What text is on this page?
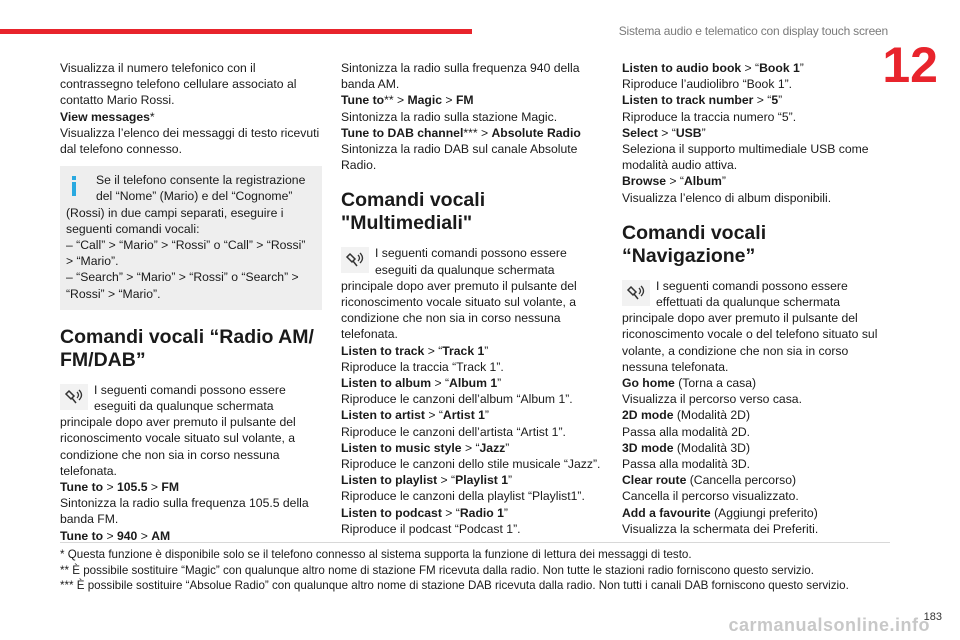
Sistema audio e telematico con display touch screen
12
Visualizza il numero telefonico con il contrassegno telefono cellulare associato al contatto Mario Rossi.
View messages*
Visualizza l’elenco dei messaggi di testo ricevuti dal telefono connesso.
Se il telefono consente la registrazione del “Nome” (Mario) e del “Cognome” (Rossi) in due campi separati, eseguire i seguenti comandi vocali:
– “Call” > “Mario” > “Rossi” o “Call” > “Rossi” > “Mario”.
– “Search” > “Mario” > “Rossi” o “Search” > “Rossi” > “Mario”.
Comandi vocali “Radio AM/ FM/DAB”
I seguenti comandi possono essere eseguiti da qualunque schermata principale dopo aver premuto il pulsante del riconoscimento vocale situato sul volante, a condizione che non sia in corso nessuna telefonata.
Tune to > 105.5 > FM
Sintonizza la radio sulla frequenza 105.5 della banda FM.
Tune to > 940 > AM
Sintonizza la radio sulla frequenza 940 della banda AM.
Tune to** > Magic > FM
Sintonizza la radio sulla stazione Magic.
Tune to DAB channel*** > Absolute Radio
Sintonizza la radio DAB sul canale Absolute Radio.
Comandi vocali "Multimediali"
I seguenti comandi possono essere eseguiti da qualunque schermata principale dopo aver premuto il pulsante del riconoscimento vocale situato sul volante, a condizione che non sia in corso nessuna telefonata.
Listen to track > “Track 1”
Riproduce la traccia “Track 1”.
Listen to album > “Album 1”
Riproduce le canzoni dell’album “Album 1”.
Listen to artist > “Artist 1”
Riproduce le canzoni dell’artista “Artist 1”.
Listen to music style > “Jazz”
Riproduce le canzoni dello stile musicale “Jazz”.
Listen to playlist > “Playlist 1”
Riproduce le canzoni della playlist “Playlist1”.
Listen to podcast > “Radio 1”
Riproduce il podcast “Podcast 1”.
Listen to audio book > “Book 1”
Riproduce l’audiolibro “Book 1”.
Listen to track number > “5”
Riproduce la traccia numero “5”.
Select > “USB”
Seleziona il supporto multimediale USB come modalità audio attiva.
Browse > “Album”
Visualizza l’elenco di album disponibili.
Comandi vocali “Navigazione”
I seguenti comandi possono essere effettuati da qualunque schermata principale dopo aver premuto il pulsante del riconoscimento vocale o del telefono situato sul volante, a condizione che non sia in corso nessuna telefonata.
Go home (Torna a casa)
Visualizza il percorso verso casa.
2D mode (Modalità 2D)
Passa alla modalità 2D.
3D mode (Modalità 3D)
Passa alla modalità 3D.
Clear route (Cancella percorso)
Cancella il percorso visualizzato.
Add a favourite (Aggiungi preferito)
Visualizza la schermata dei Preferiti.
* Questa funzione è disponibile solo se il telefono connesso al sistema supporta la funzione di lettura dei messaggi di testo.
** È possibile sostituire “Magic” con qualunque altro nome di stazione FM ricevuta dalla radio. Non tutte le stazioni radio forniscono questo servizio.
*** È possibile sostituire “Absolue Radio” con qualunque altro nome di stazione DAB ricevuta dalla radio. Non tutti i canali DAB forniscono questo servizio.
183
carmanualsonline.info
